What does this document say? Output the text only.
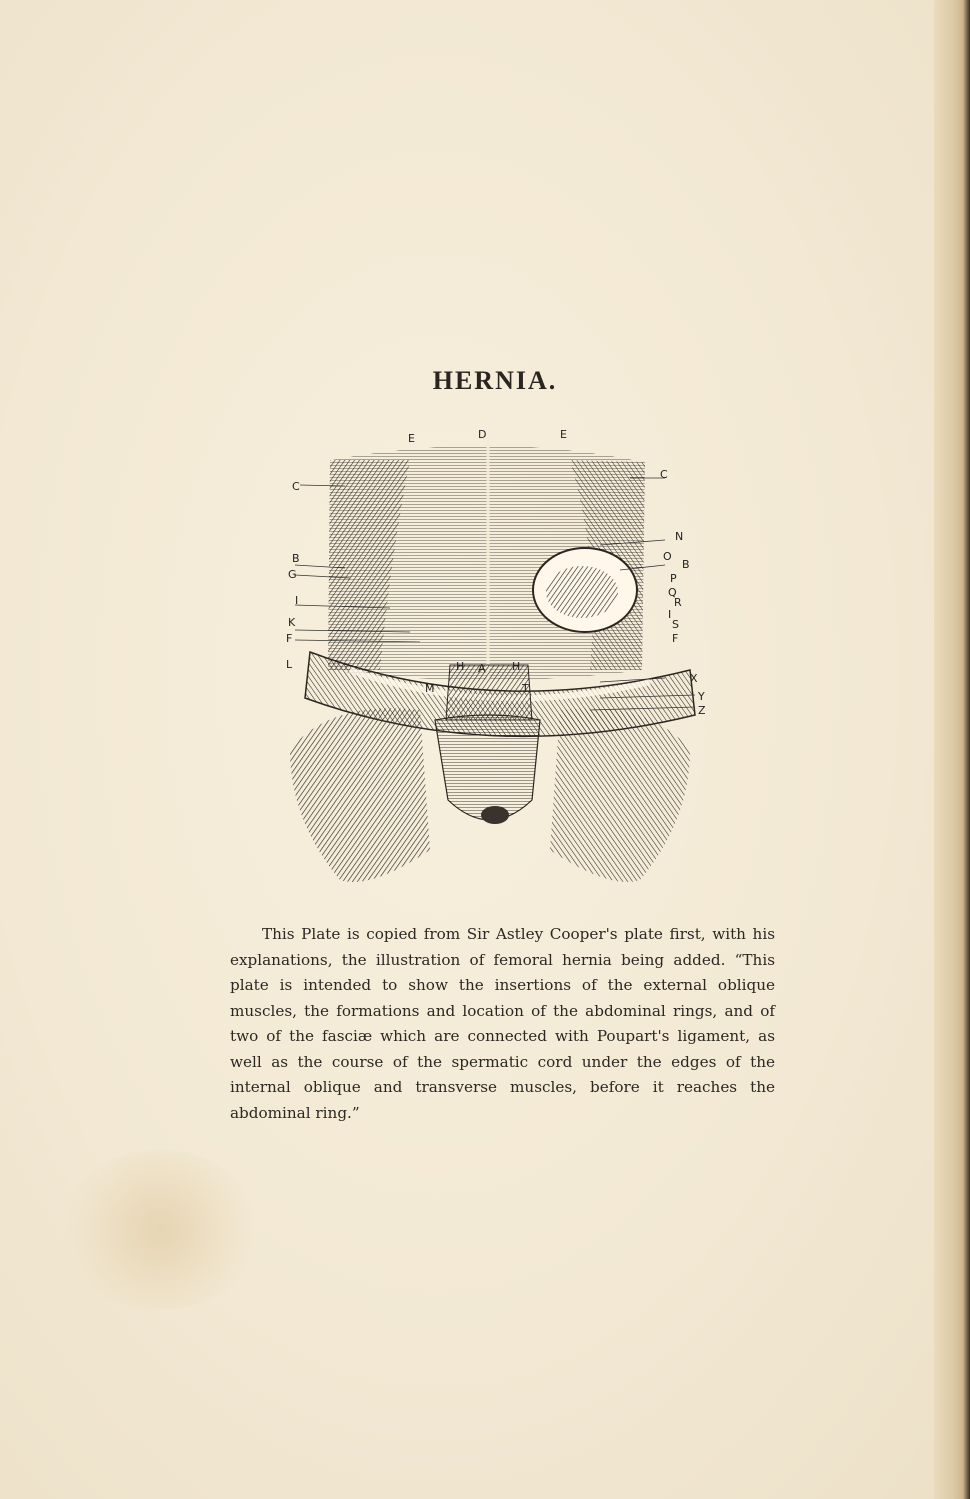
HERNIA.
E	D	E
C
C
N
B
G
O
B
P
I
Q
R
I
K	S
F	F
L	H A H
X
M	T
Y
Z

This Plate is copied from Sir Astley Cooper's plate first, with his explanations, the illustration of femoral hernia being added. “This plate is intended to show the insertions of the external oblique muscles, the formations and location of the abdominal rings, and of two of the fasciæ which are connected with Poupart's ligament, as well as the course of the spermatic cord under the edges of the internal oblique and transverse muscles, before it reaches the abdominal ring.”
